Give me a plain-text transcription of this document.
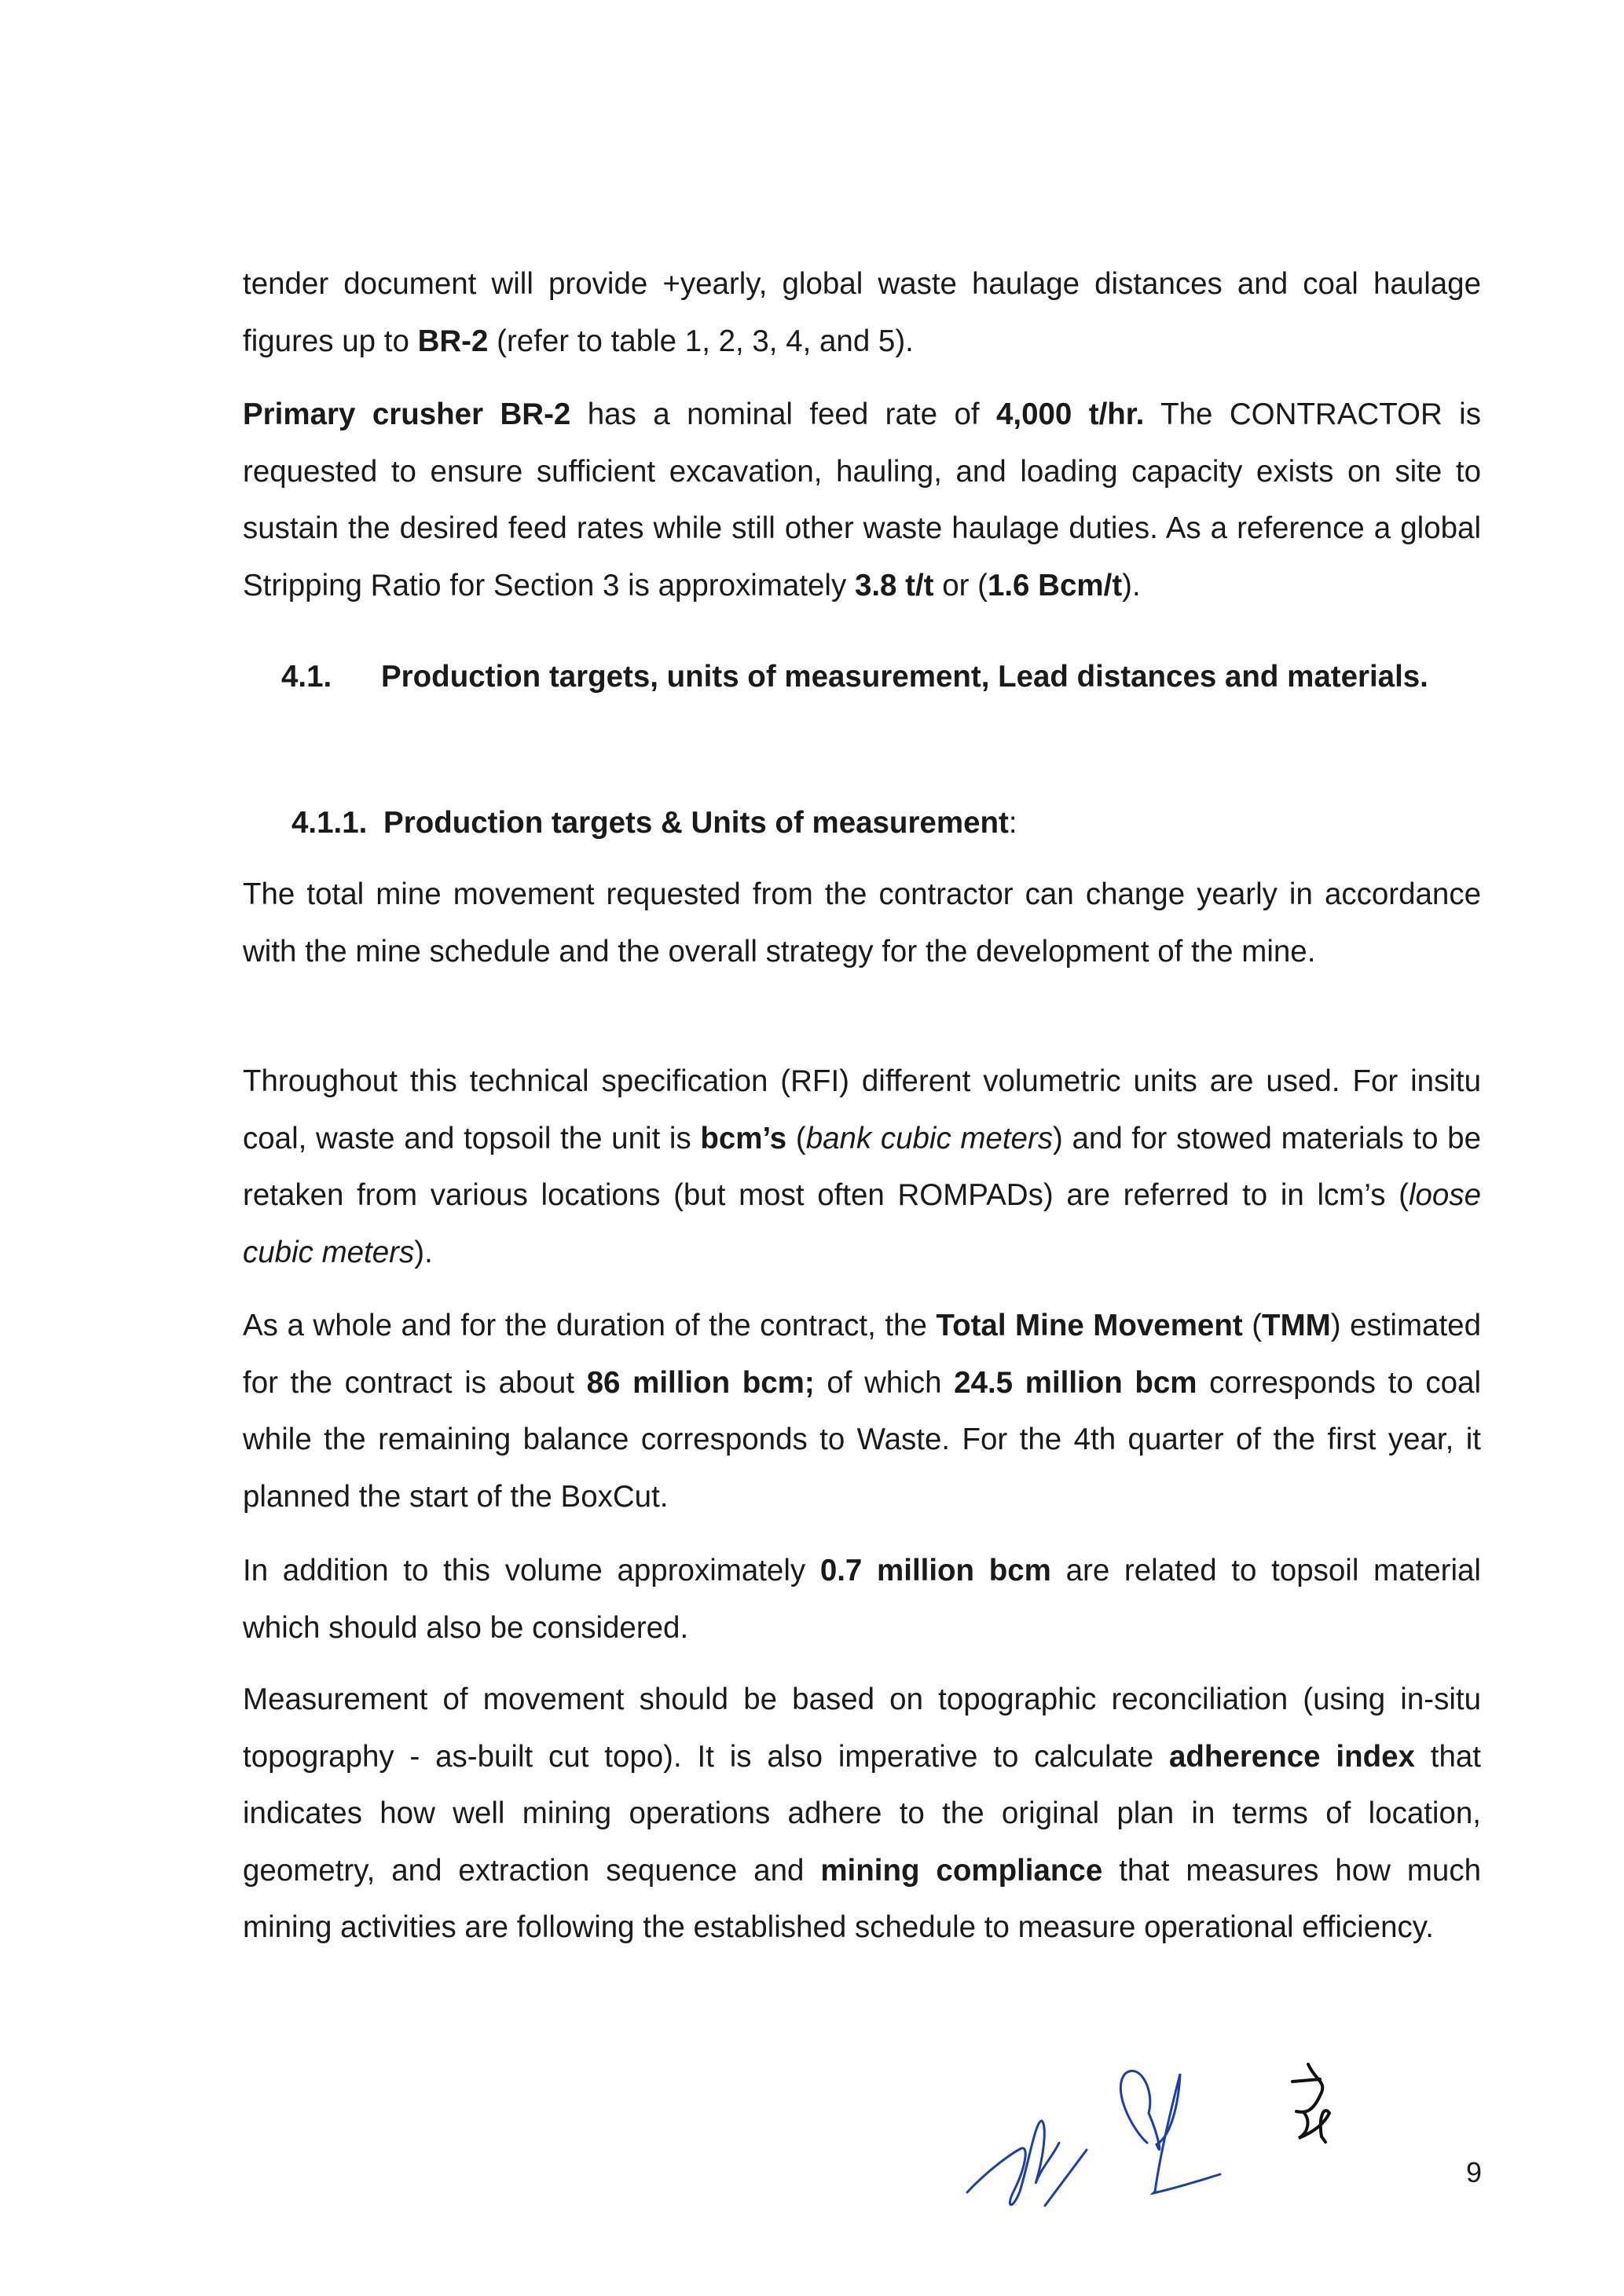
tender document will provide +yearly, global waste haulage distances and coal haulage figures up to BR-2 (refer to table 1, 2, 3, 4, and 5).

Primary crusher BR-2 has a nominal feed rate of 4,000 t/hr. The CONTRACTOR is requested to ensure sufficient excavation, hauling, and loading capacity exists on site to sustain the desired feed rates while still other waste haulage duties. As a reference a global Stripping Ratio for Section 3 is approximately 3.8 t/t or (1.6 Bcm/t).

4.1. Production targets, units of measurement, Lead distances and materials.
4.1.1. Production targets & Units of measurement:

The total mine movement requested from the contractor can change yearly in accordance with the mine schedule and the overall strategy for the development of the mine.

Throughout this technical specification (RFI) different volumetric units are used. For insitu coal, waste and topsoil the unit is bcm’s (bank cubic meters) and for stowed materials to be retaken from various locations (but most often ROMPADs) are referred to in lcm’s (loose cubic meters).

As a whole and for the duration of the contract, the Total Mine Movement (TMM) estimated for the contract is about 86 million bcm; of which 24.5 million bcm corresponds to coal while the remaining balance corresponds to Waste. For the 4th quarter of the first year, it planned the start of the BoxCut.

In addition to this volume approximately 0.7 million bcm are related to topsoil material which should also be considered.

Measurement of movement should be based on topographic reconciliation (using in-situ topography - as-built cut topo). It is also imperative to calculate adherence index that indicates how well mining operations adhere to the original plan in terms of location, geometry, and extraction sequence and mining compliance that measures how much mining activities are following the established schedule to measure operational efficiency.

9
